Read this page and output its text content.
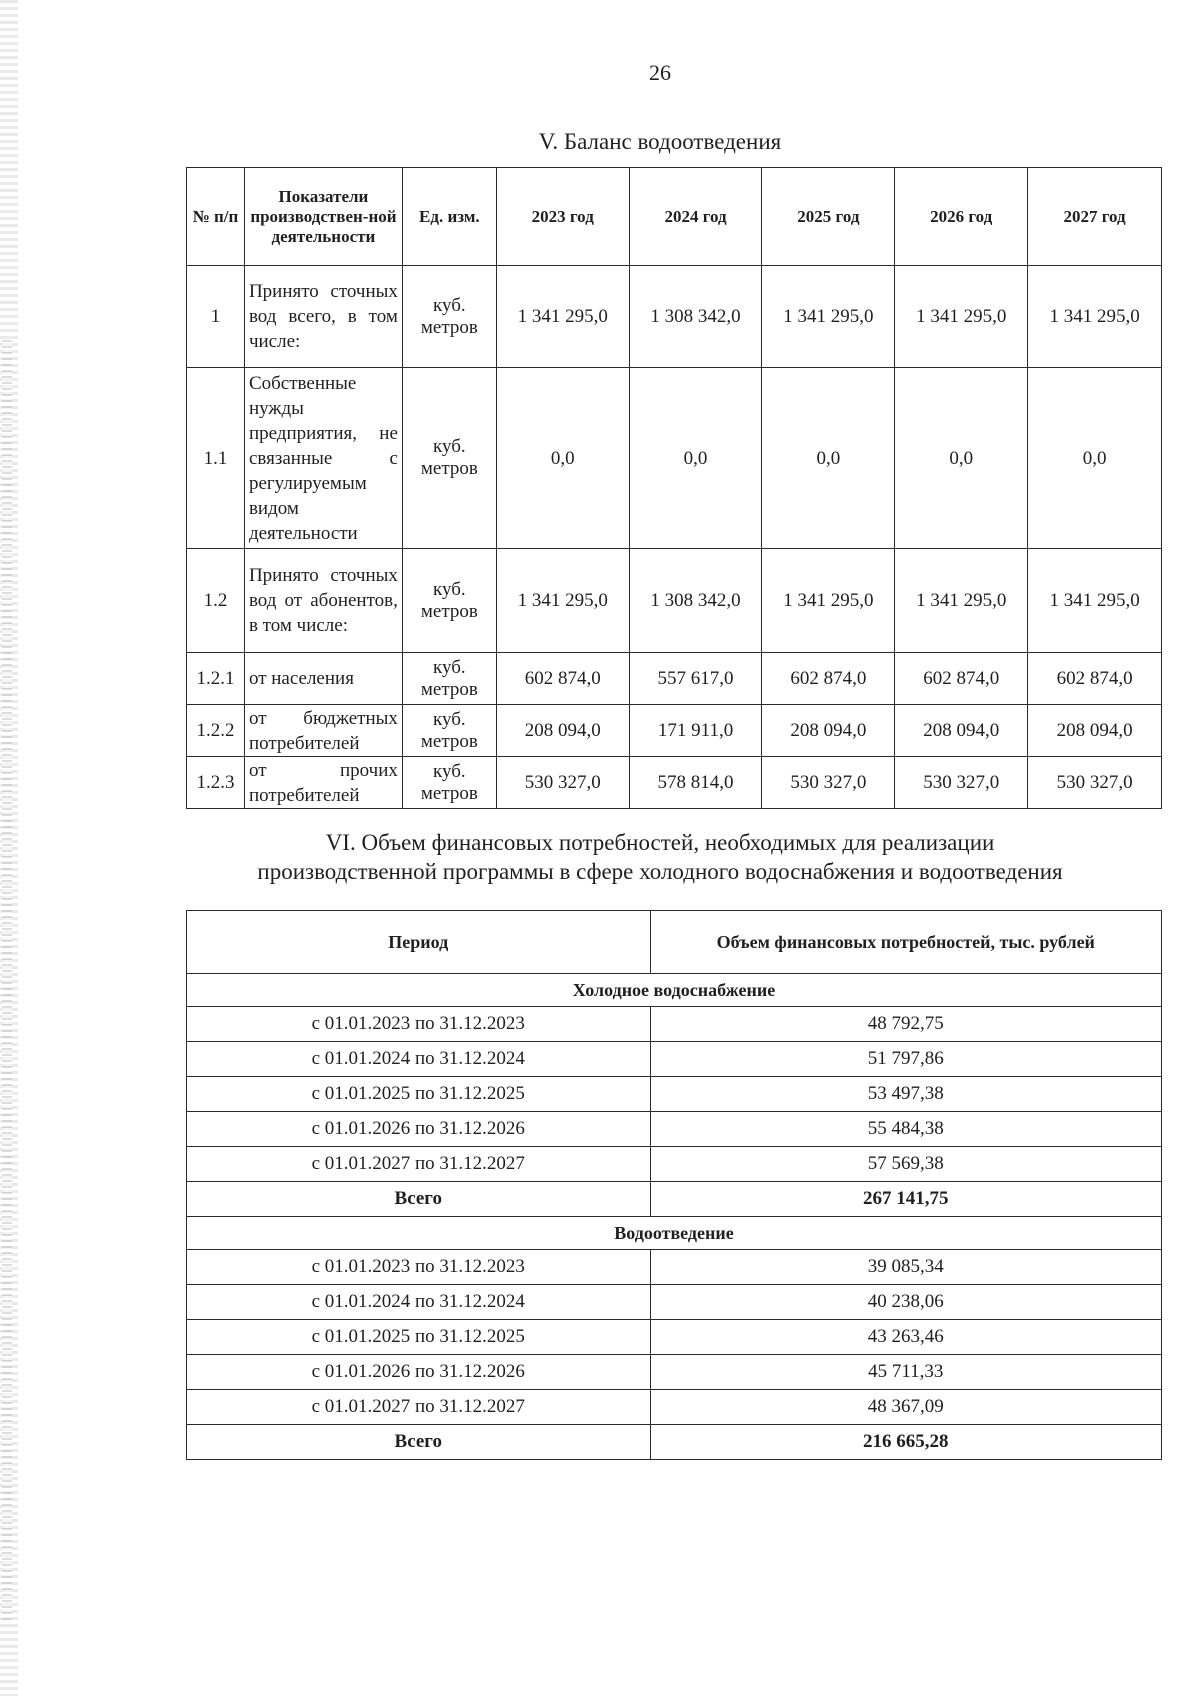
26
V. Баланс водоотведения
№ п/п	Показатели производствен-ной деятельности	Ед. изм.	2023 год	2024 год	2025 год	2026 год	2027 год
1	Принято сточных вод всего, в том числе:	куб. метров	1 341 295,0	1 308 342,0	1 341 295,0	1 341 295,0	1 341 295,0
1.1	Собственные нужды предприятия, не связанные с регулируемым видом деятельности	куб. метров	0,0	0,0	0,0	0,0	0,0
1.2	Принято сточных вод от абонентов, в том числе:	куб. метров	1 341 295,0	1 308 342,0	1 341 295,0	1 341 295,0	1 341 295,0
1.2.1	от населения	куб. метров	602 874,0	557 617,0	602 874,0	602 874,0	602 874,0
1.2.2	от бюджетных потребителей	куб. метров	208 094,0	171 911,0	208 094,0	208 094,0	208 094,0
1.2.3	от прочих потребителей	куб. метров	530 327,0	578 814,0	530 327,0	530 327,0	530 327,0
VI. Объем финансовых потребностей, необходимых для реализации
производственной программы в сфере холодного водоснабжения и водоотведения
Период	Объем финансовых потребностей, тыс. рублей
Холодное водоснабжение	
с 01.01.2023 по 31.12.2023	48 792,75
с 01.01.2024 по 31.12.2024	51 797,86
с 01.01.2025 по 31.12.2025	53 497,38
с 01.01.2026 по 31.12.2026	55 484,38
с 01.01.2027 по 31.12.2027	57 569,38
Всего	267 141,75
Водоотведение	
с 01.01.2023 по 31.12.2023	39 085,34
с 01.01.2024 по 31.12.2024	40 238,06
с 01.01.2025 по 31.12.2025	43 263,46
с 01.01.2026 по 31.12.2026	45 711,33
с 01.01.2027 по 31.12.2027	48 367,09
Всего	216 665,28
